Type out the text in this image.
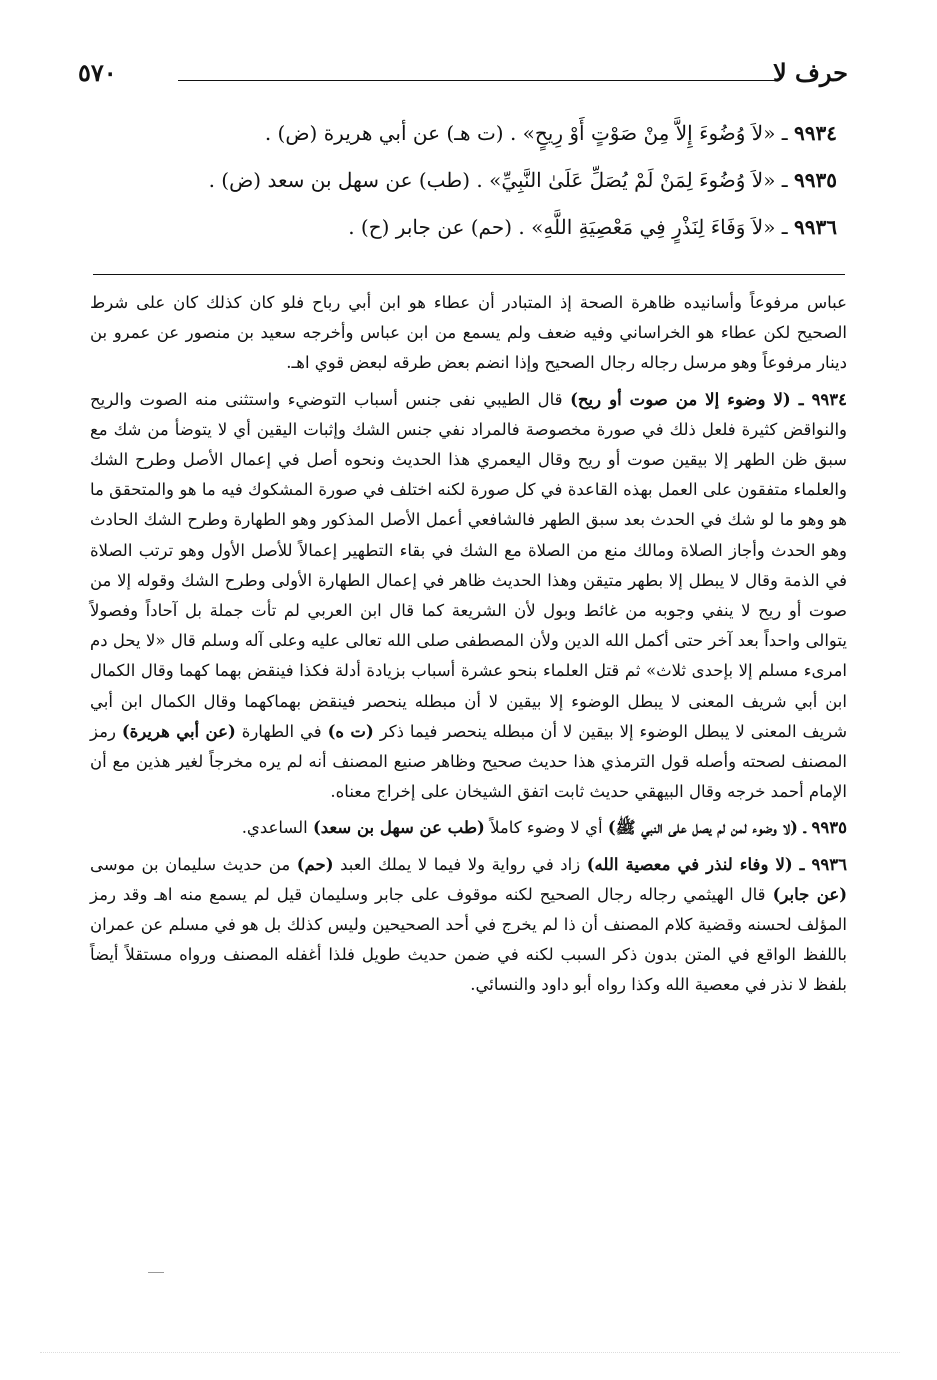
حرف لا
٥٧٠
٩٩٣٤ ـ «لاَ وُضُوءَ إِلاَّ مِنْ صَوْتٍ أَوْ رِيحٍ» . (ت هـ) عن أبي هريرة (ض) .
٩٩٣٥ ـ «لاَ وُضُوءَ لِمَنْ لَمْ يُصَلِّ عَلَىٰ النَّبِيِّ» . (طب) عن سهل بن سعد (ض) .
٩٩٣٦ ـ «لاَ وَفَاءَ لِنَذْرٍ فِي مَعْصِيَةِ اللَّهِ» . (حم) عن جابر (ح) .

عباس مرفوعاً وأسانيده ظاهرة الصحة إذ المتبادر أن عطاء هو ابن أبي رباح فلو كان كذلك كان على شرط الصحيح لكن عطاء هو الخراساني وفيه ضعف ولم يسمع من ابن عباس وأخرجه سعيد بن منصور عن عمرو بن دينار مرفوعاً وهو مرسل رجاله رجال الصحيح وإذا انضم بعض طرقه لبعض قوي اهـ.

٩٩٣٤ ـ (لا وضوء إلا من صوت أو ريح) قال الطيبي نفى جنس أسباب التوضيء واستثنى منه الصوت والريح والنواقض كثيرة فلعل ذلك في صورة مخصوصة فالمراد نفي جنس الشك وإثبات اليقين أي لا يتوضأ من شك مع سبق ظن الطهر إلا بيقين صوت أو ريح وقال اليعمري هذا الحديث ونحوه أصل في إعمال الأصل وطرح الشك والعلماء متفقون على العمل بهذه القاعدة في كل صورة لكنه اختلف في صورة المشكوك فيه ما هو والمتحقق ما هو وهو ما لو شك في الحدث بعد سبق الطهر فالشافعي أعمل الأصل المذكور وهو الطهارة وطرح الشك الحادث وهو الحدث وأجاز الصلاة ومالك منع من الصلاة مع الشك في بقاء التطهير إعمالاً للأصل الأول وهو ترتب الصلاة في الذمة وقال لا يبطل إلا بطهر متيقن وهذا الحديث ظاهر في إعمال الطهارة الأولى وطرح الشك وقوله إلا من صوت أو ريح لا ينفي وجوبه من غائط وبول لأن الشريعة كما قال ابن العربي لم تأت جملة بل آحاداً وفصولاً يتوالى واحداً بعد آخر حتى أكمل الله الدين ولأن المصطفى صلى الله تعالى عليه وعلى آله وسلم قال «لا يحل دم امرىء مسلم إلا بإحدى ثلاث» ثم قتل العلماء بنحو عشرة أسباب بزيادة أدلة فكذا فينقض بهما كهما وقال الكمال ابن أبي شريف المعنى لا يبطل الوضوء إلا بيقين لا أن مبطله ينحصر فينقض بهماكهما وقال الكمال ابن أبي شريف المعنى لا يبطل الوضوء إلا بيقين لا أن مبطله ينحصر فيما ذكر (ت ه) في الطهارة (عن أبي هريرة) رمز المصنف لصحته وأصله قول الترمذي هذا حديث صحيح وظاهر صنيع المصنف أنه لم يره مخرجاً لغير هذين مع أن الإمام أحمد خرجه وقال البيهقي حديث ثابت اتفق الشيخان على إخراج معناه.

٩٩٣٥ ـ (لا وضوء لمن لم يصل على النبي ﷺ) أي لا وضوء كاملاً (طب عن سهل بن سعد) الساعدي.

٩٩٣٦ ـ (لا وفاء لنذر في معصية الله) زاد في رواية ولا فيما لا يملك العبد (حم) من حديث سليمان بن موسى (عن جابر) قال الهيثمي رجاله رجال الصحيح لكنه موقوف على جابر وسليمان قيل لم يسمع منه اهـ وقد رمز المؤلف لحسنه وقضية كلام المصنف أن ذا لم يخرج في أحد الصحيحين وليس كذلك بل هو في مسلم عن عمران باللفظ الواقع في المتن بدون ذكر السبب لكنه في ضمن حديث طويل فلذا أغفله المصنف ورواه مستقلاً أيضاً بلفظ لا نذر في معصية الله وكذا رواه أبو داود والنسائي.
